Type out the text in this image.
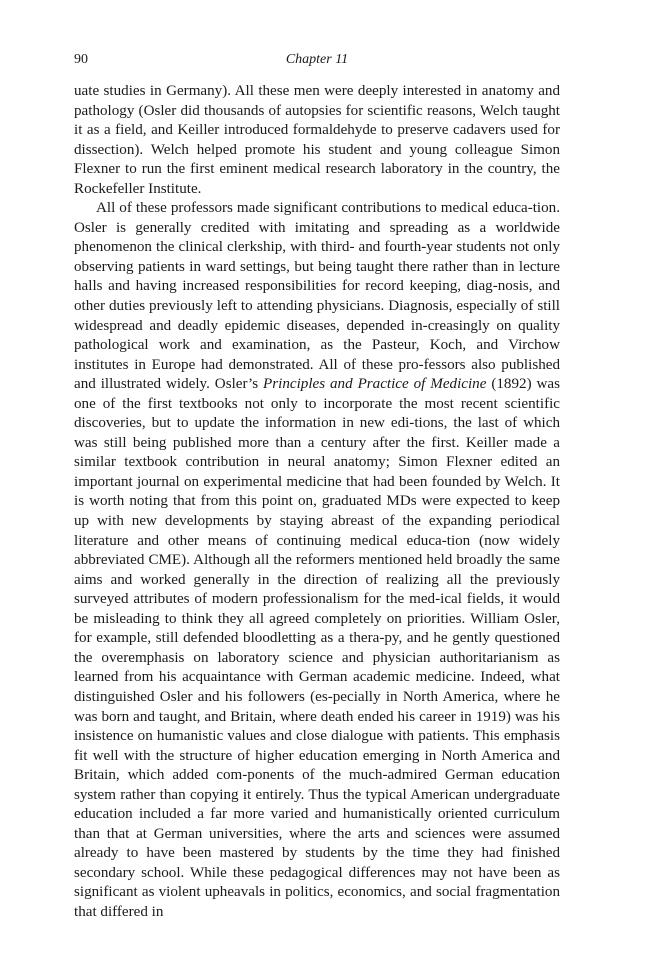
90	Chapter 11

uate studies in Germany). All these men were deeply interested in anatomy and pathology (Osler did thousands of autopsies for scientific reasons, Welch taught it as a field, and Keiller introduced formaldehyde to preserve cadavers used for dissection). Welch helped promote his student and young colleague Simon Flexner to run the first eminent medical research laboratory in the country, the Rockefeller Institute.

All of these professors made significant contributions to medical educa-tion. Osler is generally credited with imitating and spreading as a worldwide phenomenon the clinical clerkship, with third- and fourth-year students not only observing patients in ward settings, but being taught there rather than in lecture halls and having increased responsibilities for record keeping, diag-nosis, and other duties previously left to attending physicians. Diagnosis, especially of still widespread and deadly epidemic diseases, depended in-creasingly on quality pathological work and examination, as the Pasteur, Koch, and Virchow institutes in Europe had demonstrated. All of these pro-fessors also published and illustrated widely. Osler’s Principles and Practice of Medicine (1892) was one of the first textbooks not only to incorporate the most recent scientific discoveries, but to update the information in new edi-tions, the last of which was still being published more than a century after the first. Keiller made a similar textbook contribution in neural anatomy; Simon Flexner edited an important journal on experimental medicine that had been founded by Welch. It is worth noting that from this point on, graduated MDs were expected to keep up with new developments by staying abreast of the expanding periodical literature and other means of continuing medical educa-tion (now widely abbreviated CME). Although all the reformers mentioned held broadly the same aims and worked generally in the direction of realizing all the previously surveyed attributes of modern professionalism for the med-ical fields, it would be misleading to think they all agreed completely on priorities. William Osler, for example, still defended bloodletting as a thera-py, and he gently questioned the overemphasis on laboratory science and physician authoritarianism as learned from his acquaintance with German academic medicine. Indeed, what distinguished Osler and his followers (es-pecially in North America, where he was born and taught, and Britain, where death ended his career in 1919) was his insistence on humanistic values and close dialogue with patients. This emphasis fit well with the structure of higher education emerging in North America and Britain, which added com-ponents of the much-admired German education system rather than copying it entirely. Thus the typical American undergraduate education included a far more varied and humanistically oriented curriculum than that at German universities, where the arts and sciences were assumed already to have been mastered by students by the time they had finished secondary school. While these pedagogical differences may not have been as significant as violent upheavals in politics, economics, and social fragmentation that differed in
